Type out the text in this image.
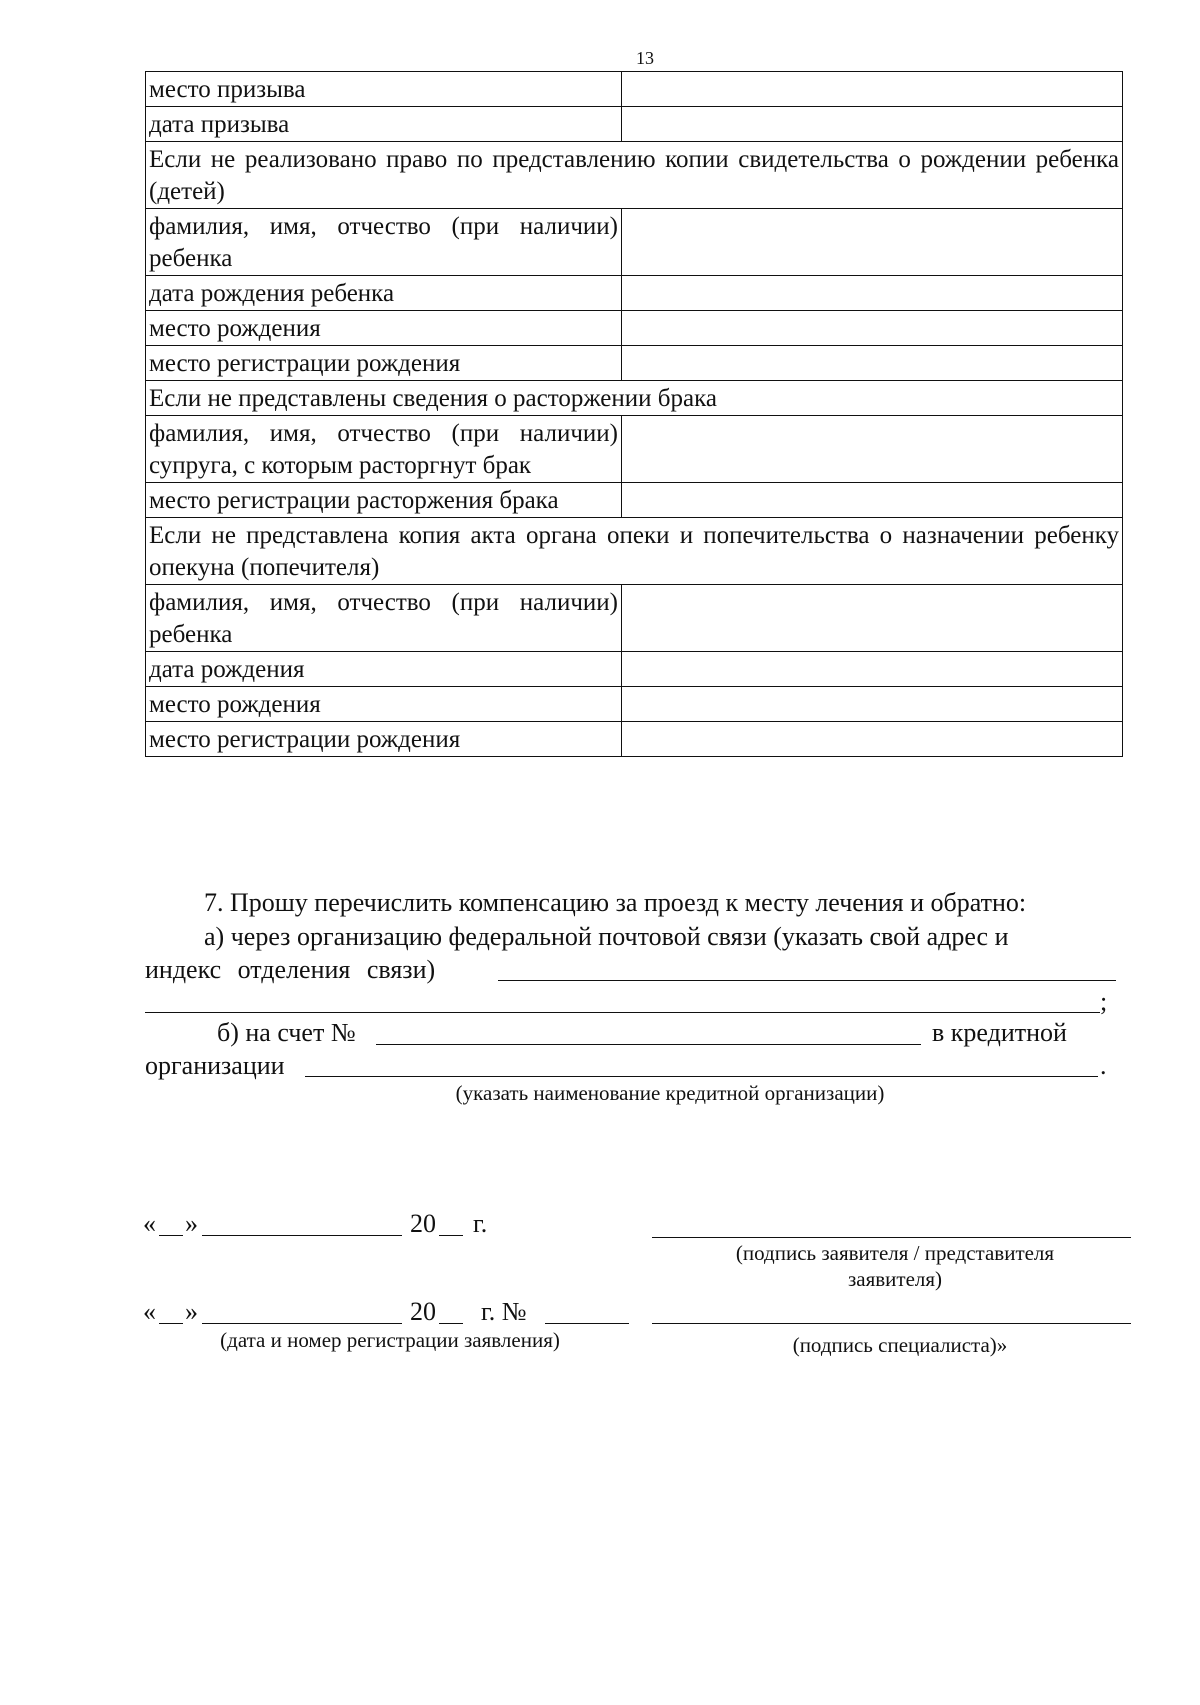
13
место призыва	
дата призыва	
Если не реализовано право по представлению копии свидетельства о рождении ребенка (детей)	
фамилия, имя, отчество (при наличии) ребенка	
дата рождения ребенка	
место рождения	
место регистрации рождения	
Если не представлены сведения о расторжении брака	
фамилия, имя, отчество (при наличии) супруга, с которым расторгнут брак	
место регистрации расторжения брака	
Если не представлена копия акта органа опеки и попечительства о назначении ребенку опекуна (попечителя)	
фамилия, имя, отчество (при наличии) ребенка	
дата рождения	
место рождения	
место регистрации рождения	
7. Прошу перечислить компенсацию за проезд к месту лечения и обратно:
а) через организацию федеральной почтовой связи (указать свой адрес и
индекс отделения связи)
;
б) на счет №	в кредитной
организации	.
(указать наименование кредитной организации)
« »	20 г.
(подпись заявителя / представителя заявителя)
« »	20 г. №
(дата и номер регистрации заявления)	(подпись специалиста)»
